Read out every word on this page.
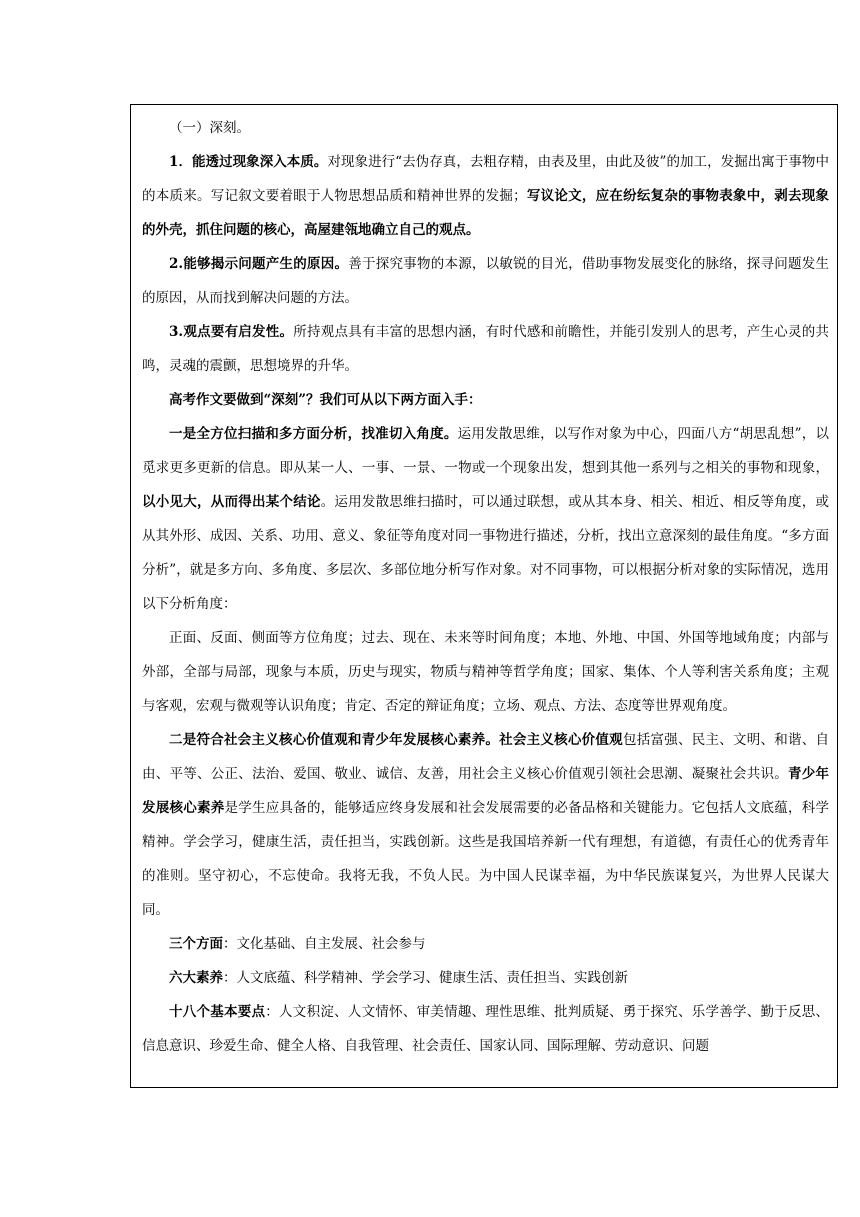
（一）深刻。

1．能透过现象深入本质。对现象进行“去伪存真，去粗存精，由表及里，由此及彼”的加工，发掘出寓于事物中的本质来。写记叙文要着眼于人物思想品质和精神世界的发掘；写议论文，应在纷纭复杂的事物表象中，剥去现象的外壳，抓住问题的核心，高屋建瓴地确立自己的观点。

2.能够揭示问题产生的原因。善于探究事物的本源，以敏锐的目光，借助事物发展变化的脉络，探寻问题发生的原因，从而找到解决问题的方法。

3.观点要有启发性。所持观点具有丰富的思想内涵，有时代感和前瞻性，并能引发别人的思考，产生心灵的共鸣，灵魂的震颤，思想境界的升华。

高考作文要做到“深刻”？我们可从以下两方面入手：

一是全方位扫描和多方面分析，找准切入角度。运用发散思维，以写作对象为中心，四面八方“胡思乱想”，以觅求更多更新的信息。即从某一人、一事、一景、一物或一个现象出发，想到其他一系列与之相关的事物和现象，以小见大，从而得出某个结论。运用发散思维扫描时，可以通过联想，或从其本身、相关、相近、相反等角度，或从其外形、成因、关系、功用、意义、象征等角度对同一事物进行描述，分析，找出立意深刻的最佳角度。“多方面分析”，就是多方向、多角度、多层次、多部位地分析写作对象。对不同事物，可以根据分析对象的实际情况，选用以下分析角度：

正面、反面、侧面等方位角度；过去、现在、未来等时间角度；本地、外地、中国、外国等地域角度；内部与外部，全部与局部，现象与本质，历史与现实，物质与精神等哲学角度；国家、集体、个人等利害关系角度；主观与客观，宏观与微观等认识角度；肯定、否定的辩证角度；立场、观点、方法、态度等世界观角度。

二是符合社会主义核心价值观和青少年发展核心素养。社会主义核心价值观包括富强、民主、文明、和谐、自由、平等、公正、法治、爱国、敬业、诚信、友善，用社会主义核心价值观引领社会思潮、凝聚社会共识。青少年发展核心素养是学生应具备的，能够适应终身发展和社会发展需要的必备品格和关键能力。它包括人文底蕴，科学精神。学会学习，健康生活，责任担当，实践创新。这些是我国培养新一代有理想，有道德，有责任心的优秀青年的准则。坚守初心，不忘使命。我将无我，不负人民。为中国人民谋幸福，为中华民族谋复兴，为世界人民谋大同。

三个方面：文化基础、自主发展、社会参与

六大素养：人文底蕴、科学精神、学会学习、健康生活、责任担当、实践创新

十八个基本要点：人文积淀、人文情怀、审美情趣、理性思维、批判质疑、勇于探究、乐学善学、勤于反思、信息意识、珍爱生命、健全人格、自我管理、社会责任、国家认同、国际理解、劳动意识、问题
